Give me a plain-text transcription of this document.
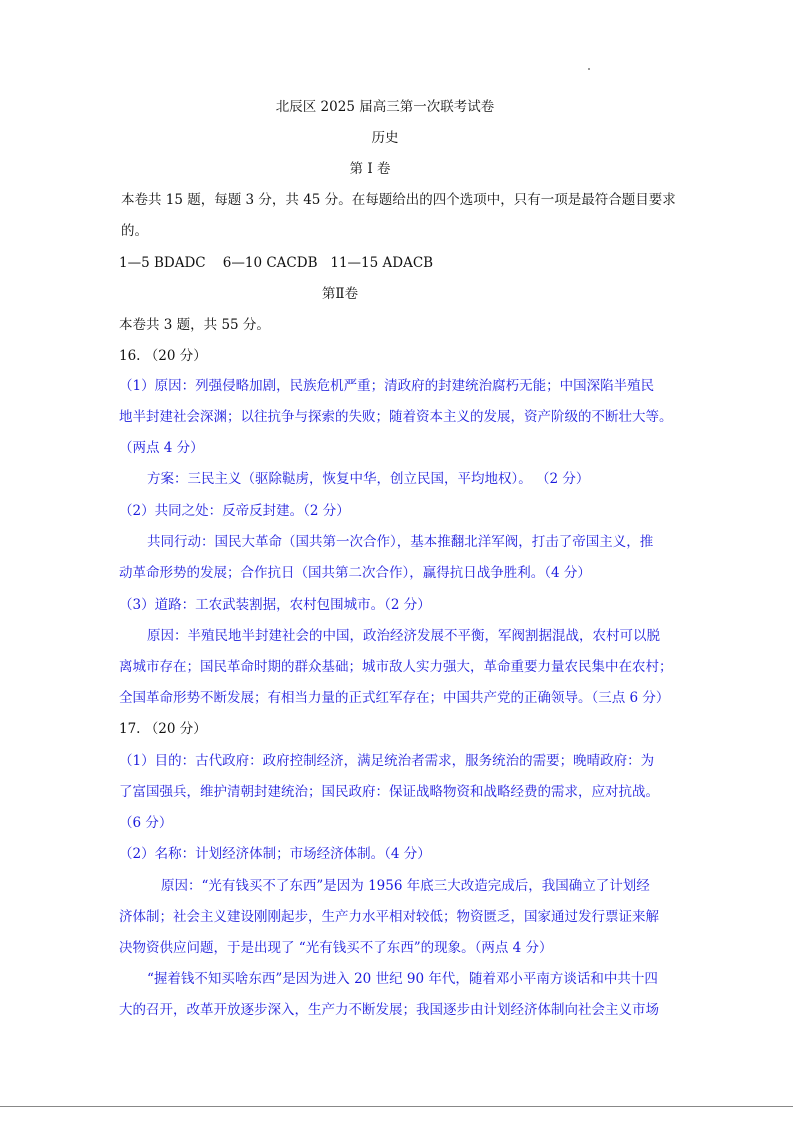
北辰区 2025 届高三第一次联考试卷
历史
第 I 卷
本卷共 15 题，每题 3 分，共 45 分。在每题给出的四个选项中，只有一项是最符合题目要求
的。
1—5 BDADC    6—10 CACDB   11—15 ADACB
第Ⅱ卷
本卷共 3 题，共 55 分。
16. （20 分）
（1）原因：列强侵略加剧，民族危机严重；清政府的封建统治腐朽无能；中国深陷半殖民
地半封建社会深渊；以往抗争与探索的失败；随着资本主义的发展，资产阶级的不断壮大等。
（两点 4 分）
方案：三民主义（驱除鞑虏，恢复中华，创立民国，平均地权）。 （2 分）
（2）共同之处：反帝反封建。（2 分）
共同行动：国民大革命（国共第一次合作），基本推翻北洋军阀，打击了帝国主义，推
动革命形势的发展；合作抗日（国共第二次合作），赢得抗日战争胜利。（4 分）
（3）道路：工农武装割据，农村包围城市。（2 分）
原因：半殖民地半封建社会的中国，政治经济发展不平衡，军阀割据混战，农村可以脱
离城市存在；国民革命时期的群众基础；城市敌人实力强大，革命重要力量农民集中在农村；
全国革命形势不断发展；有相当力量的正式红军存在；中国共产党的正确领导。（三点 6 分）
17. （20 分）
（1）目的：古代政府：政府控制经济，满足统治者需求，服务统治的需要；晚晴政府：为
了富国强兵，维护清朝封建统治；国民政府：保证战略物资和战略经费的需求，应对抗战。
（6 分）
（2）名称：计划经济体制；市场经济体制。（4 分）
原因：“光有钱买不了东西”是因为 1956 年底三大改造完成后，我国确立了计划经
济体制；社会主义建设刚刚起步，生产力水平相对较低；物资匮乏，国家通过发行票证来解
决物资供应问题，于是出现了 “光有钱买不了东西”的现象。（两点 4 分）
“握着钱不知买啥东西”是因为进入 20 世纪 90 年代，随着邓小平南方谈话和中共十四
大的召开，改革开放逐步深入，生产力不断发展；我国逐步由计划经济体制向社会主义市场
